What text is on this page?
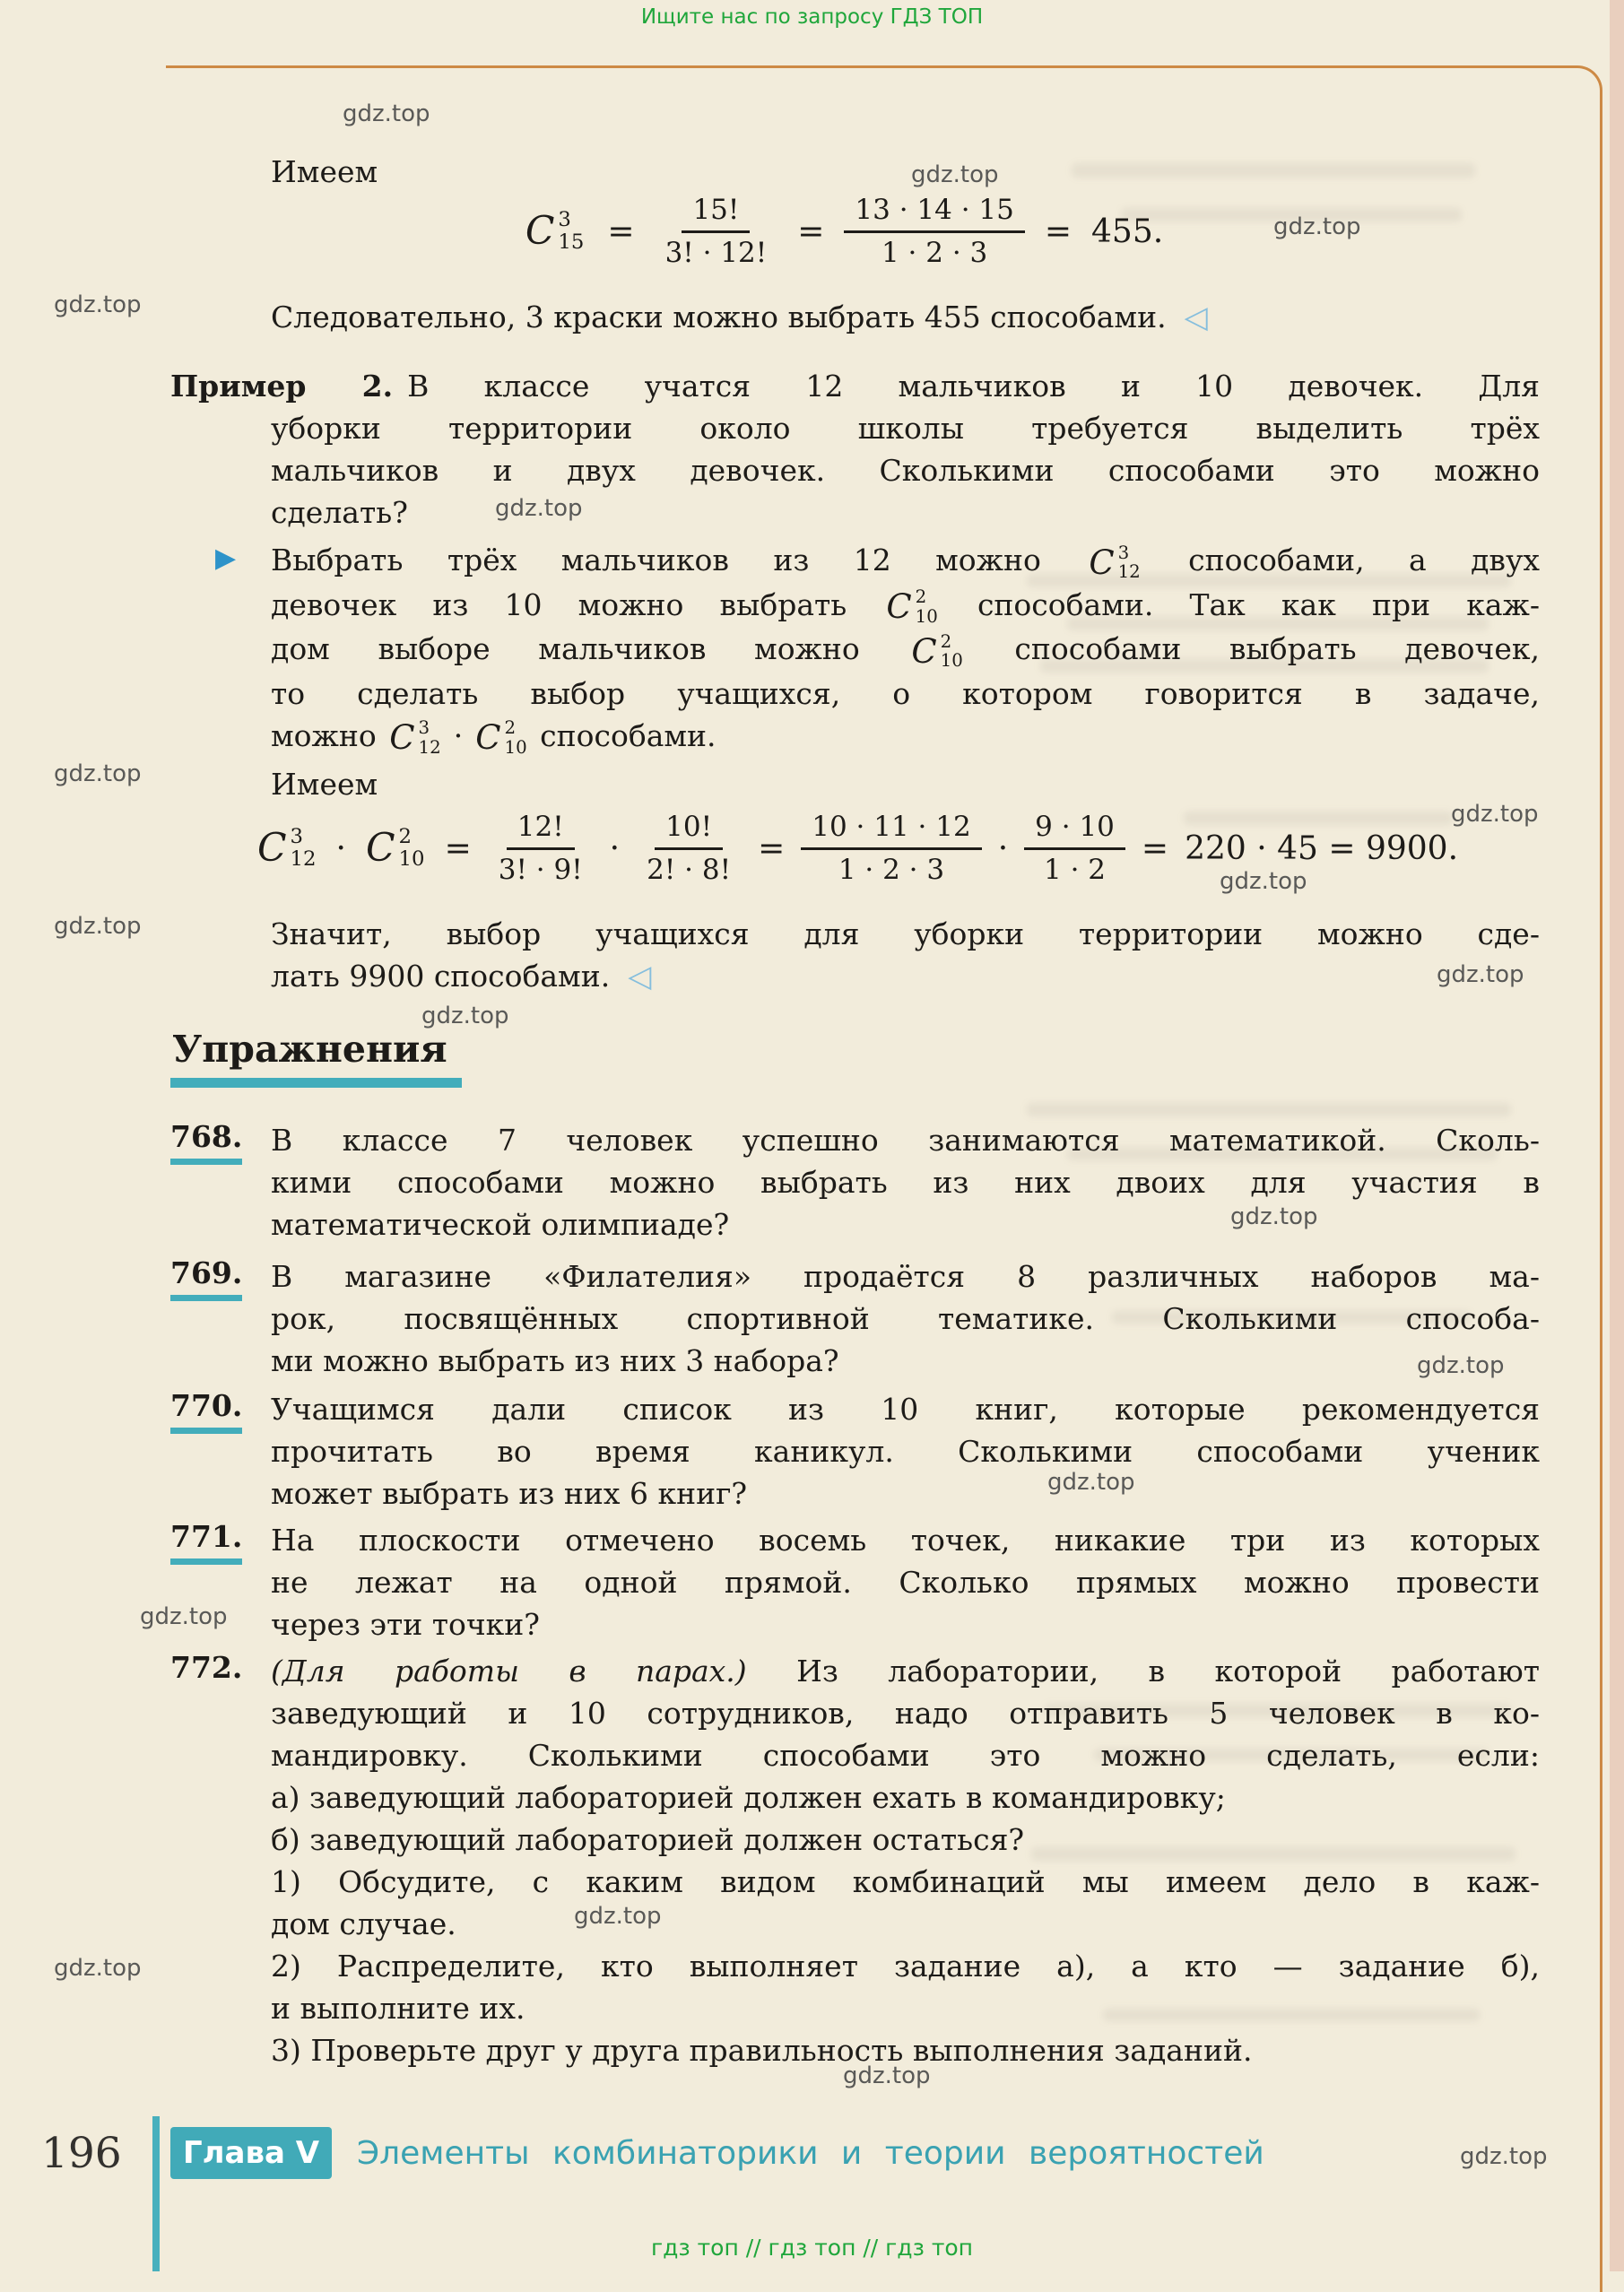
Ищите нас по запросу ГДЗ ТОП
гдз топ // гдз топ // гдз топ
gdz.top
gdz.top
gdz.top
gdz.top
gdz.top
gdz.top
gdz.top
gdz.top
gdz.top
gdz.top
gdz.top
gdz.top
gdz.top
gdz.top
gdz.top
gdz.top
gdz.top
gdz.top
gdz.top
Имеем
C 3
$15 = \frac{15!}{3! \cdot 12!} = \frac{13 \cdot 14 \cdot 15}{1 \cdot 2 \cdot 3} = 455$.
Следовательно, 3 краски можно выбрать 455 способами. ◁
Пример 2. В классе учатся 12 мальчиков и 10 девочек. Для
уборки территории около школы требуется выделить трёх
мальчиков и двух девочек. Сколькими способами это можно
сделать?
▶ Выбрать трёх мальчиков из 12 можно C 3
12 способами, а двух
девочек из 10 можно выбрать C 2
10 способами. Так как при каж-
дом выборе мальчиков можно C 2
10 способами выбрать девочек,
то сделать выбор учащихся, о котором говорится в задаче,
можно C 3
12 · C 2
10 способами.
Имеем
C 3
12 · C 2
$10 = \frac{12!}{3! \cdot 9!} \cdot \frac{10!}{2! \cdot 8!} = \frac{10 \cdot 11 \cdot 12}{1 \cdot 2 \cdot 3} \cdot \frac{9 \cdot 10}{1 \cdot 2} = 220 \cdot 45 = 9900$.
Значит, выбор учащихся для уборки территории можно сде-
лать 9900 способами. ◁
Упражнения
768. В классе 7 человек успешно занимаются математикой. Сколь-
кими способами можно выбрать из них двоих для участия в
математической олимпиаде?
769. В магазине «Филателия» продаётся 8 различных наборов ма-
рок, посвящённых спортивной тематике. Сколькими способа-
ми можно выбрать из них 3 набора?
770. Учащимся дали список из 10 книг, которые рекомендуется
прочитать во время каникул. Сколькими способами ученик
может выбрать из них 6 книг?
771. На плоскости отмечено восемь точек, никакие три из которых
не лежат на одной прямой. Сколько прямых можно провести
через эти точки?
772. (Для работы в парах.) Из лаборатории, в которой работают
заведующий и 10 сотрудников, надо отправить 5 человек в ко-
мандировку. Сколькими способами это можно сделать, если:
а) заведующий лабораторией должен ехать в командировку;
б) заведующий лабораторией должен остаться?
1) Обсудите, с каким видом комбинаций мы имеем дело в каж-
дом случае.
2) Распределите, кто выполняет задание а), а кто — задание б),
и выполните их.
3) Проверьте друг у друга правильность выполнения заданий.
196 Глава V Элементы комбинаторики и теории вероятностей
